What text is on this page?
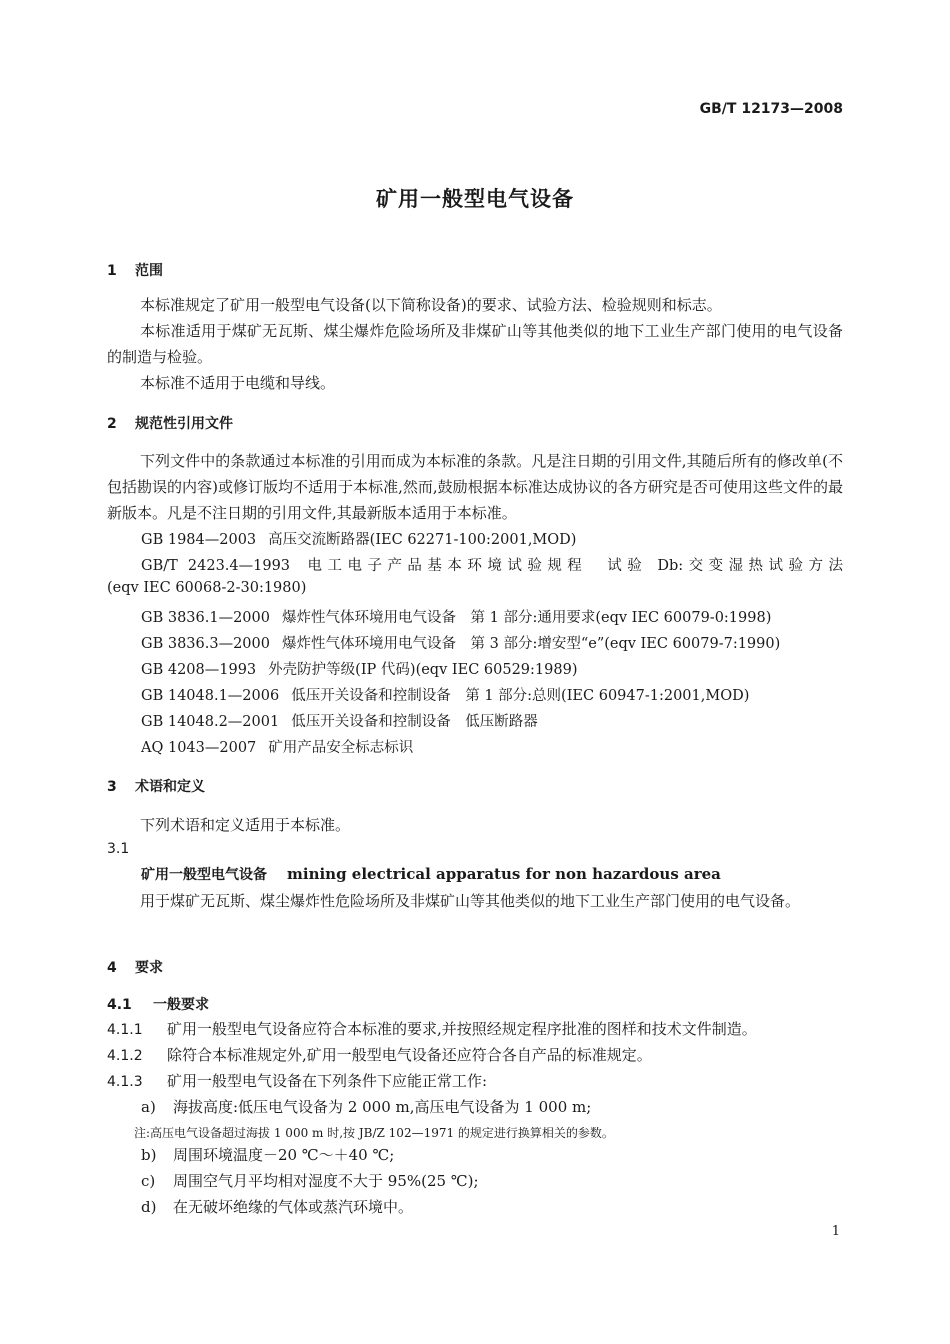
GB/T 12173—2008
矿用一般型电气设备
1 范围
本标准规定了矿用一般型电气设备(以下简称设备)的要求、试验方法、检验规则和标志。
本标准适用于煤矿无瓦斯、煤尘爆炸危险场所及非煤矿山等其他类似的地下工业生产部门使用的电气设备的制造与检验。
本标准不适用于电缆和导线。
2 规范性引用文件
下列文件中的条款通过本标准的引用而成为本标准的条款。凡是注日期的引用文件,其随后所有的修改单(不包括勘误的内容)或修订版均不适用于本标准,然而,鼓励根据本标准达成协议的各方研究是否可使用这些文件的最新版本。凡是不注日期的引用文件,其最新版本适用于本标准。
GB 1984—2003 高压交流断路器(IEC 62271-100:2001,MOD)
GB/T 2423.4—1993 电工电子产品基本环境试验规程　试验 Db:交变湿热试验方法
(eqv IEC 60068-2-30:1980)
GB 3836.1—2000 爆炸性气体环境用电气设备　第 1 部分:通用要求(eqv IEC 60079-0:1998)
GB 3836.3—2000 爆炸性气体环境用电气设备　第 3 部分:增安型“e”(eqv IEC 60079-7:1990)
GB 4208—1993 外壳防护等级(IP 代码)(eqv IEC 60529:1989)
GB 14048.1—2006 低压开关设备和控制设备　第 1 部分:总则(IEC 60947-1:2001,MOD)
GB 14048.2—2001 低压开关设备和控制设备　低压断路器
AQ 1043—2007 矿用产品安全标志标识
3 术语和定义
下列术语和定义适用于本标准。
3.1
矿用一般型电气设备 mining electrical apparatus for non hazardous area
用于煤矿无瓦斯、煤尘爆炸性危险场所及非煤矿山等其他类似的地下工业生产部门使用的电气设备。
4 要求
4.1 一般要求
4.1.1 矿用一般型电气设备应符合本标准的要求,并按照经规定程序批准的图样和技术文件制造。
4.1.2 除符合本标准规定外,矿用一般型电气设备还应符合各自产品的标准规定。
4.1.3 矿用一般型电气设备在下列条件下应能正常工作:
a) 海拔高度:低压电气设备为 2 000 m,高压电气设备为 1 000 m;
注:高压电气设备超过海拔 1 000 m 时,按 JB/Z 102—1971 的规定进行换算相关的参数。
b) 周围环境温度－20 ℃～＋40 ℃;
c) 周围空气月平均相对湿度不大于 95%(25 ℃);
d) 在无破坏绝缘的气体或蒸汽环境中。
1
